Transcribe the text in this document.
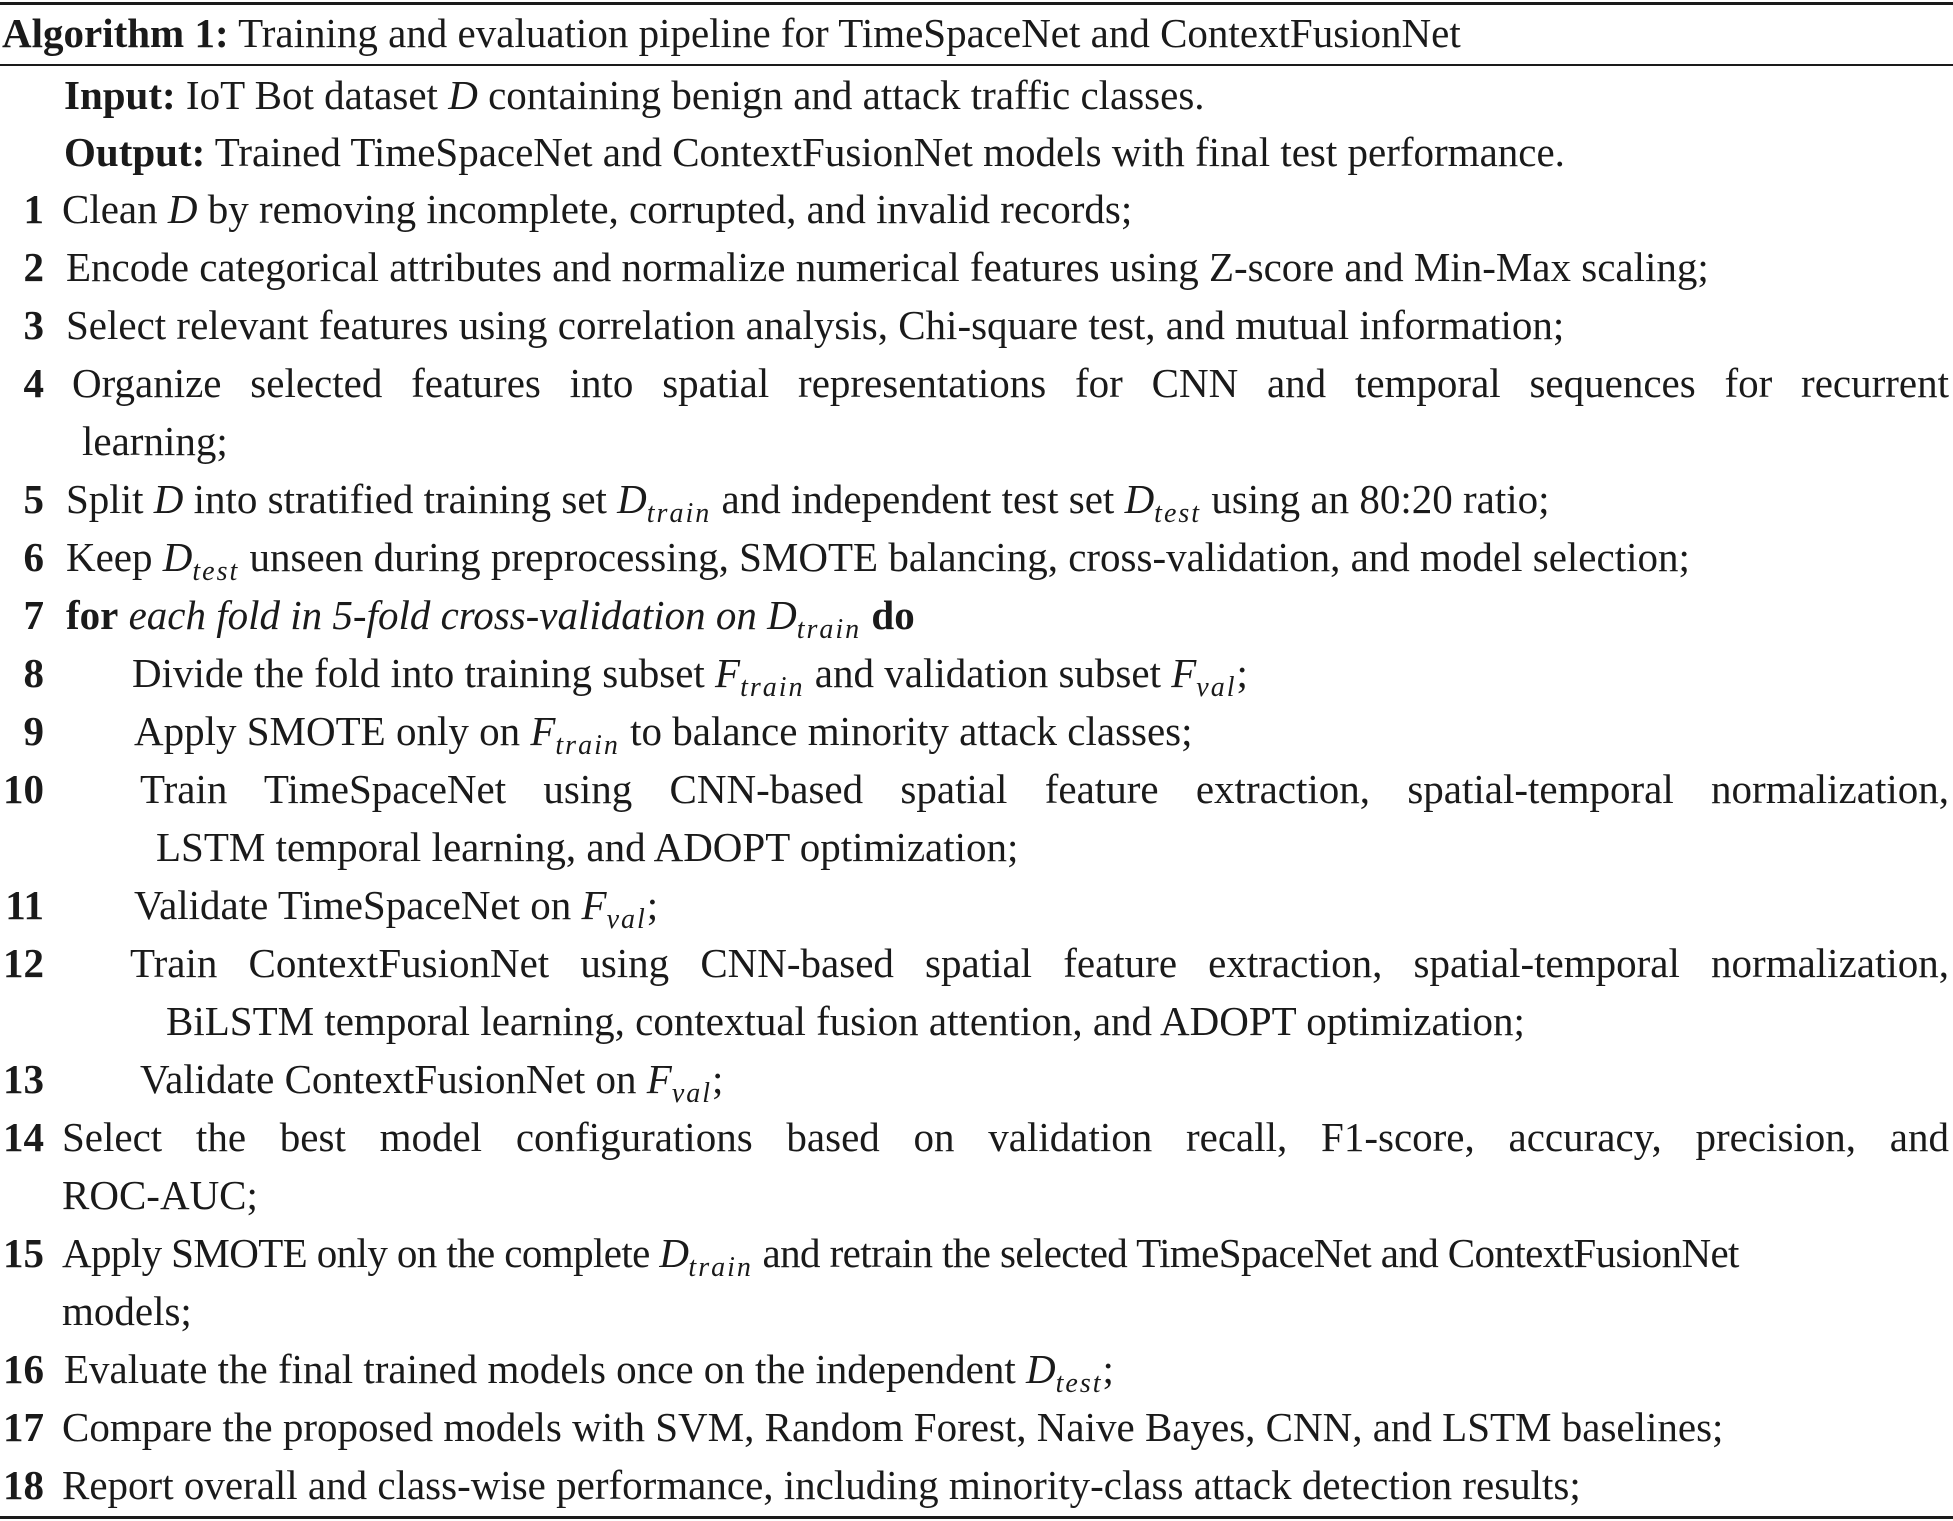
Algorithm 1: Training and evaluation pipeline for TimeSpaceNet and ContextFusionNet
Input: IoT Bot dataset D containing benign and attack traffic classes.
Output: Trained TimeSpaceNet and ContextFusionNet models with final test performance.
1 Clean D by removing incomplete, corrupted, and invalid records;
2 Encode categorical attributes and normalize numerical features using Z-score and Min-Max scaling;
3 Select relevant features using correlation analysis, Chi-square test, and mutual information;
4 Organize selected features into spatial representations for CNN and temporal sequences for recurrent
learning;
5 Split D into stratified training set $D_{train}$ and independent test set $D_{test}$ using an 80:20 ratio;
6 Keep $D_{test}$ unseen during preprocessing, SMOTE balancing, cross-validation, and model selection;
7 for each fold in 5-fold cross-validation on $D_{train}$ do
8 Divide the fold into training subset $F_{train}$ and validation subset $F_{val}$;
9 Apply SMOTE only on $F_{train}$ to balance minority attack classes;
10 Train TimeSpaceNet using CNN-based spatial feature extraction, spatial-temporal normalization,
LSTM temporal learning, and ADOPT optimization;
11 Validate TimeSpaceNet on $F_{val}$;
12 Train ContextFusionNet using CNN-based spatial feature extraction, spatial-temporal normalization,
BiLSTM temporal learning, contextual fusion attention, and ADOPT optimization;
13 Validate ContextFusionNet on $F_{val}$;
14 Select the best model configurations based on validation recall, F1-score, accuracy, precision, and
ROC-AUC;
15 Apply SMOTE only on the complete $D_{train}$ and retrain the selected TimeSpaceNet and ContextFusionNet
models;
16 Evaluate the final trained models once on the independent $D_{test}$;
17 Compare the proposed models with SVM, Random Forest, Naive Bayes, CNN, and LSTM baselines;
18 Report overall and class-wise performance, including minority-class attack detection results;
